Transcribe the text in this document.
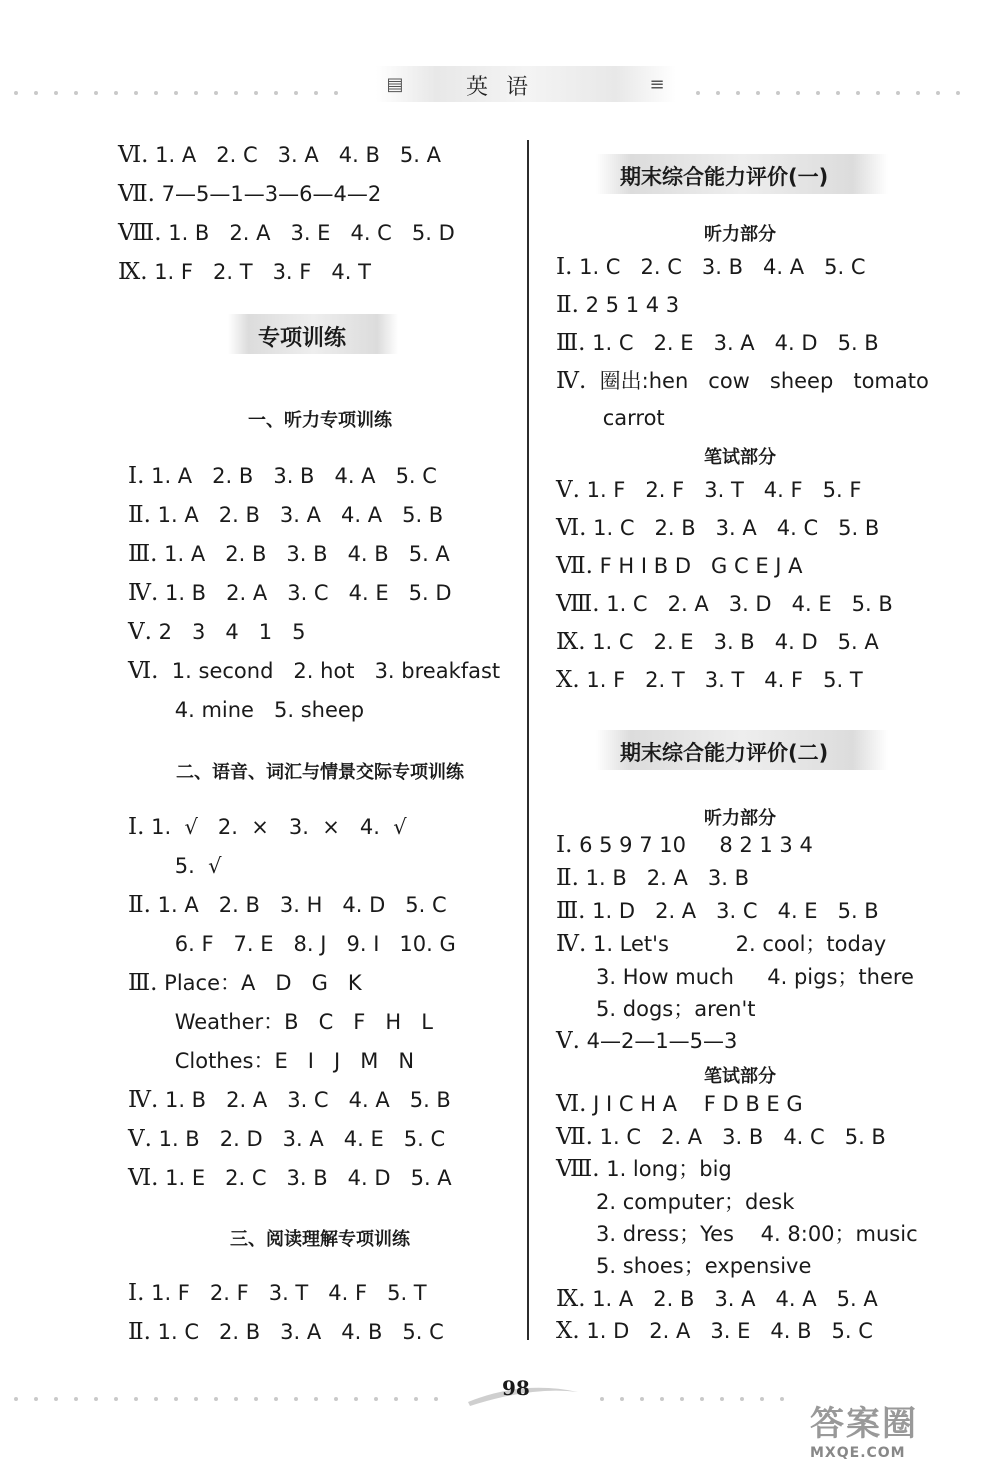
▤	≡
英语
Ⅵ. 1. A   2. C   3. A   4. B   5. A
Ⅶ. 7—5—1—3—6—4—2
Ⅷ. 1. B   2. A   3. E   4. C   5. D
Ⅸ. 1. F   2. T   3. F   4. T
专项训练
一、听力专项训练
Ⅰ. 1. A   2. B   3. B   4. A   5. C
Ⅱ. 1. A   2. B   3. A   4. A   5. B
Ⅲ. 1. A   2. B   3. B   4. B   5. A
Ⅳ. 1. B   2. A   3. C   4. E   5. D
Ⅴ. 2   3   4   1   5
Ⅵ.  1. second   2. hot   3. breakfast
4. mine   5. sheep
二、语音、词汇与情景交际专项训练
Ⅰ. 1.  √   2.  ×   3.  ×   4.  √
5.  √
Ⅱ. 1. A   2. B   3. H   4. D   5. C
6. F   7. E   8. J   9. I   10. G
Ⅲ. Place：A   D   G   K
Weather：B   C   F   H   L
Clothes：E   I   J   M   N
Ⅳ. 1. B   2. A   3. C   4. A   5. B
Ⅴ. 1. B   2. D   3. A   4. E   5. C
Ⅵ. 1. E   2. C   3. B   4. D   5. A
三、阅读理解专项训练
Ⅰ. 1. F   2. F   3. T   4. F   5. T
Ⅱ. 1. C   2. B   3. A   4. B   5. C
期末综合能力评价(一)
听力部分
Ⅰ. 1. C   2. C   3. B   4. A   5. C
Ⅱ. 2 5 1 4 3
Ⅲ. 1. C   2. E   3. A   4. D   5. B
Ⅳ.  圈出:hen   cow   sheep   tomato
carrot
笔试部分
Ⅴ. 1. F   2. F   3. T   4. F   5. F
Ⅵ. 1. C   2. B   3. A   4. C   5. B
Ⅶ. F H I B D   G C E J A
Ⅷ. 1. C   2. A   3. D   4. E   5. B
Ⅸ. 1. C   2. E   3. B   4. D   5. A
Ⅹ. 1. F   2. T   3. T   4. F   5. T
期末综合能力评价(二)
听力部分
Ⅰ. 6 5 9 7 10     8 2 1 3 4
Ⅱ. 1. B   2. A   3. B
Ⅲ. 1. D   2. A   3. C   4. E   5. B
Ⅳ. 1. Let's          2. cool；today
3. How much     4. pigs；there
5. dogs；aren't
Ⅴ. 4—2—1—5—3
笔试部分
Ⅵ. J I C H A    F D B E G
Ⅶ. 1. C   2. A   3. B   4. C   5. B
Ⅷ. 1. long；big
2. computer；desk
3. dress；Yes    4. 8:00；music
5. shoes；expensive
Ⅸ. 1. A   2. B   3. A   4. A   5. A
Ⅹ. 1. D   2. A   3. E   4. B   5. C
98
答案圈
MXQE.COM
